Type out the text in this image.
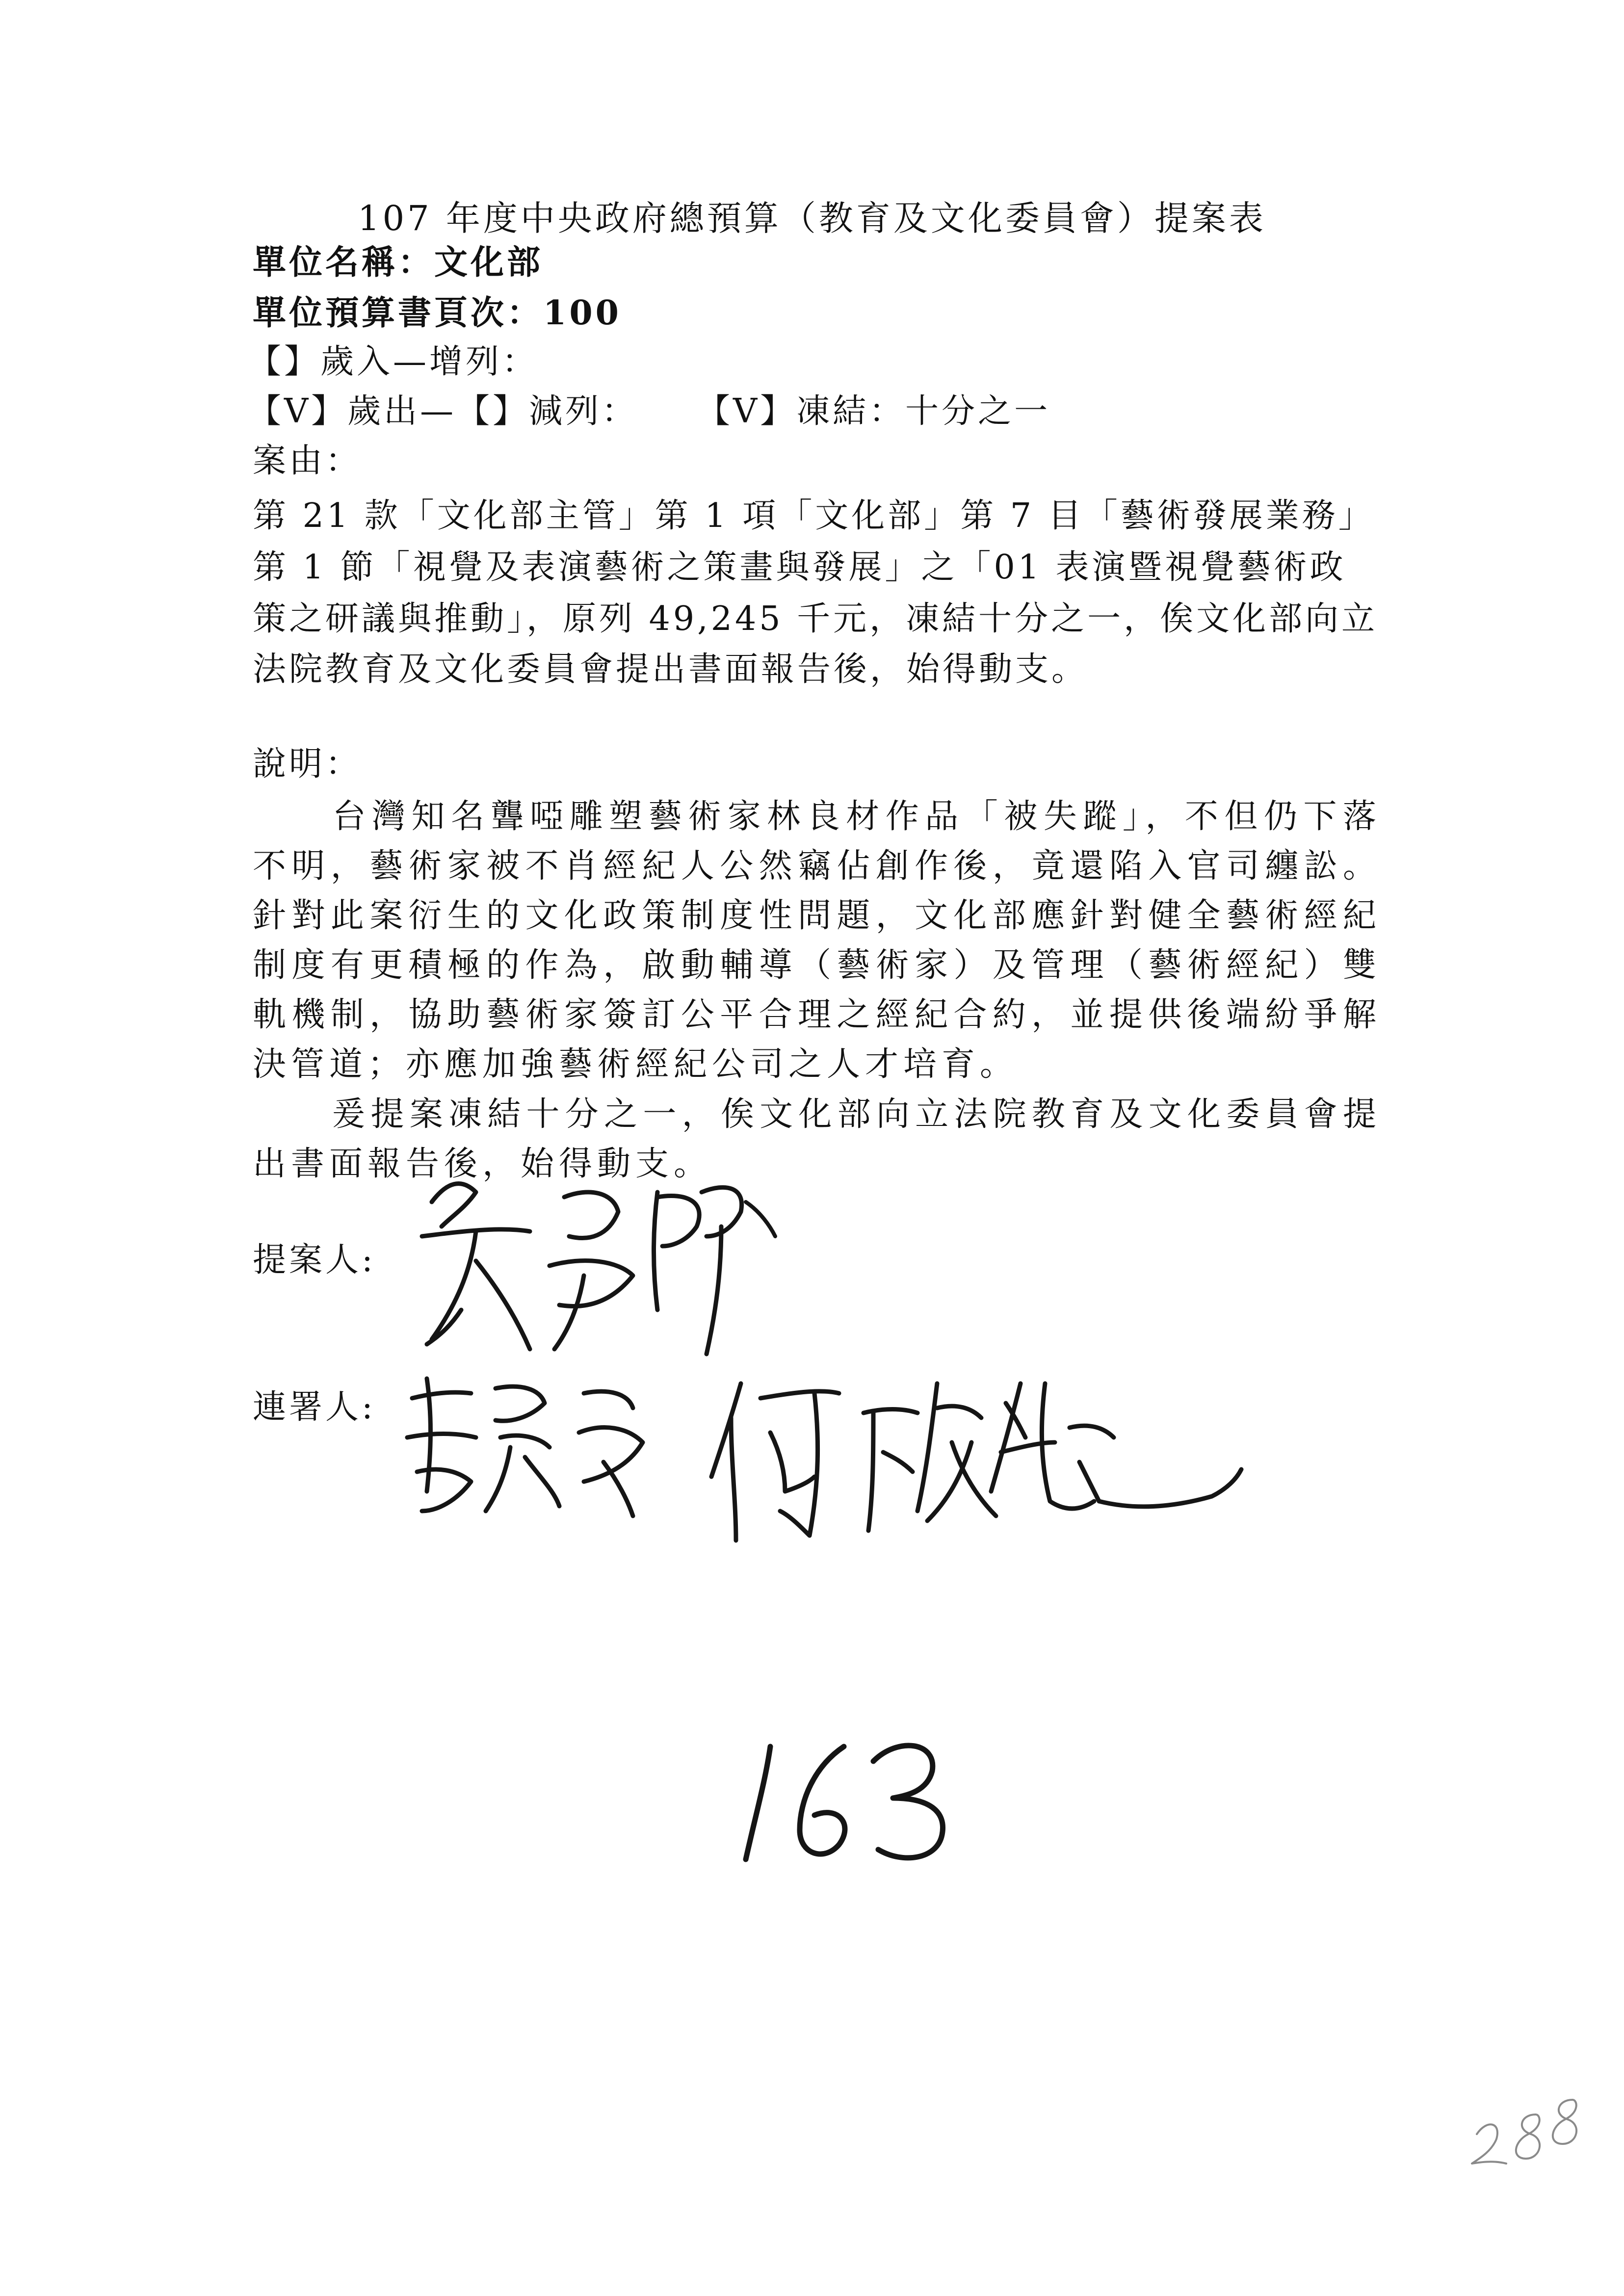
107 年度中央政府總預算（教育及文化委員會）提案表
單位名稱：文化部
單位預算書頁次：100
【】歲入—增列：
【V】歲出—【】減列： 【V】凍結：十分之一
案由：
第 21 款「文化部主管」第 1 項「文化部」第 7 目「藝術發展業務」
第 1 節「視覺及表演藝術之策畫與發展」之「01 表演暨視覺藝術政
策之研議與推動」，原列 49,245 千元，凍結十分之一，俟文化部向立
法院教育及文化委員會提出書面報告後，始得動支。
說明：
台灣知名聾啞雕塑藝術家林良材作品「被失蹤」，不但仍下落不明，藝術家被不肖經紀人公然竊佔創作後，竟還陷入官司纏訟。針對此案衍生的文化政策制度性問題，文化部應針對健全藝術經紀制度有更積極的作為，啟動輔導（藝術家）及管理（藝術經紀）雙軌機制，協助藝術家簽訂公平合理之經紀合約，並提供後端紛爭解決管道；亦應加強藝術經紀公司之人才培育。
爰提案凍結十分之一，俟文化部向立法院教育及文化委員會提出書面報告後，始得動支。
提案人:
連署人:
